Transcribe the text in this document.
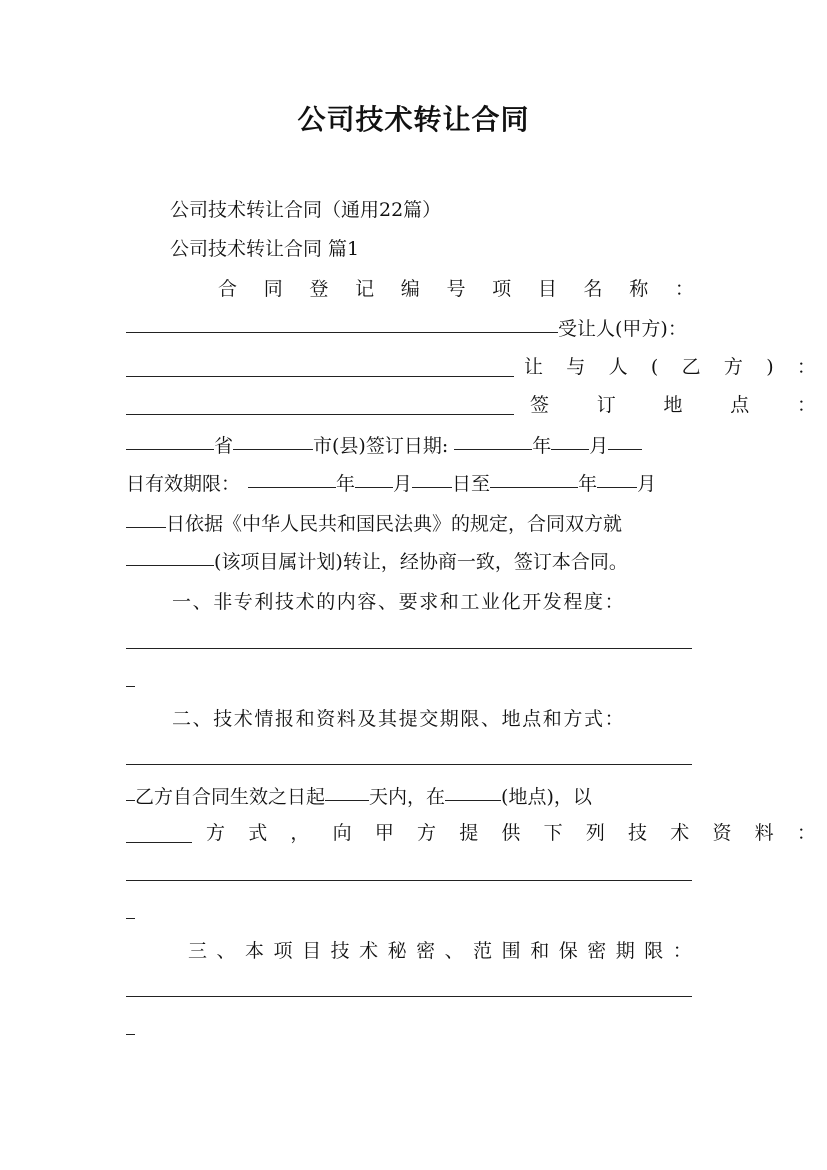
公司技术转让合同
公司技术转让合同（通用22篇）
公司技术转让合同 篇1
合 同 登 记 编 号 项 目 名 称 ：
受让人(甲方)：
让 与 人 ( 乙 方 ) ：
签	订	地	点	：
省	市(县)签订日期:	年 月
日有效期限：	年 月 日至	年 月
日依据《中华人民共和国民法典》的规定，合同双方就
(该项目属计划)转让，经协商一致，签订本合同。
一、非专利技术的内容、要求和工业化开发程度：
二、技术情报和资料及其提交期限、地点和方式：
乙方自合同生效之日起 天内，在	(地点)，以
方 式 ， 向 甲 方 提 供 下 列 技 术 资 料 ：
三 、 本 项 目 技 术 秘 密 、 范 围 和 保 密 期 限 ：
